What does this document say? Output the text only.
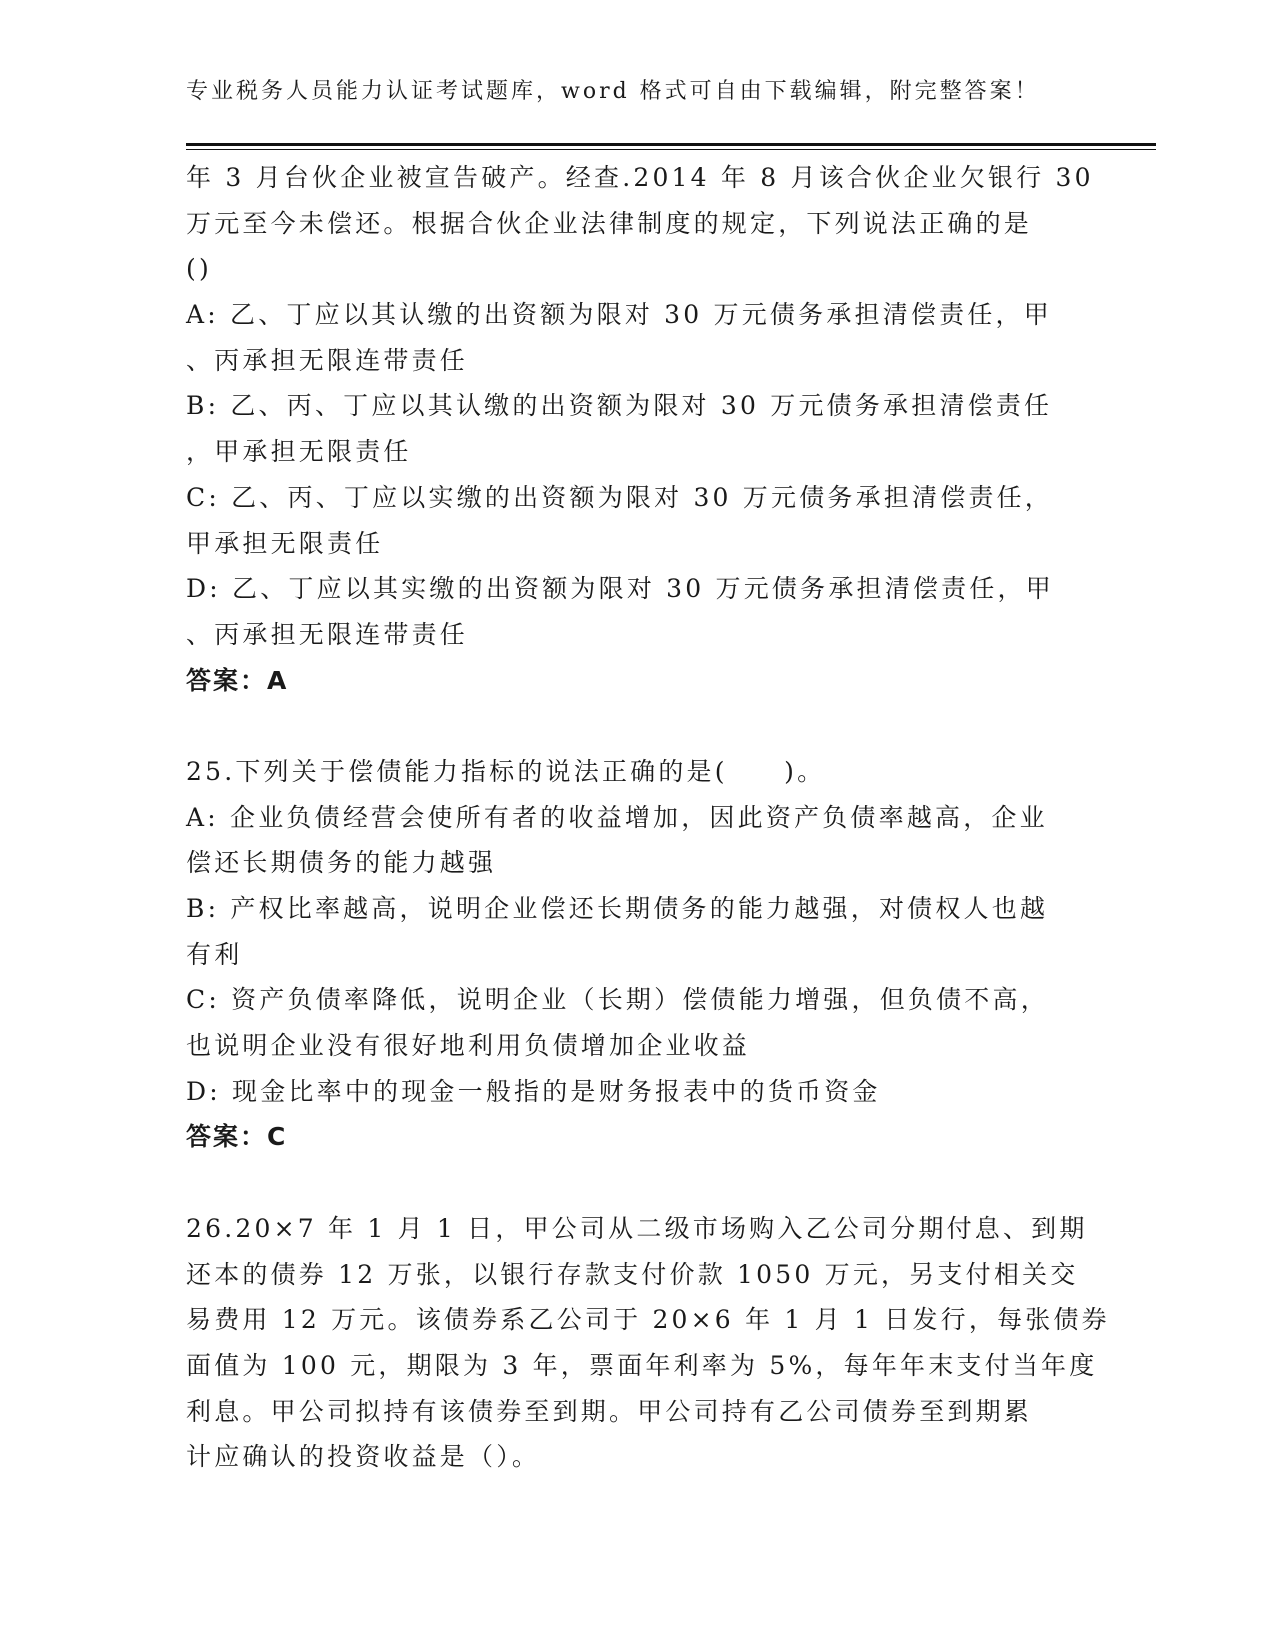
专业税务人员能力认证考试题库，word 格式可自由下载编辑，附完整答案！
年 3 月台伙企业被宣告破产。经查.2014 年 8 月该合伙企业欠银行 30
万元至今未偿还。根据合伙企业法律制度的规定，下列说法正确的是
()
A: 乙、丁应以其认缴的出资额为限对 30 万元债务承担清偿责任，甲
、丙承担无限连带责任
B: 乙、丙、丁应以其认缴的出资额为限对 30 万元债务承担清偿责任
，甲承担无限责任
C: 乙、丙、丁应以实缴的出资额为限对 30 万元债务承担清偿责任，
甲承担无限责任
D: 乙、丁应以其实缴的出资额为限对 30 万元债务承担清偿责任，甲
、丙承担无限连带责任
答案：A
25.下列关于偿债能力指标的说法正确的是(　　)。
A: 企业负债经营会使所有者的收益增加，因此资产负债率越高，企业
偿还长期债务的能力越强
B: 产权比率越高，说明企业偿还长期债务的能力越强，对债权人也越
有利
C: 资产负债率降低，说明企业（长期）偿债能力增强，但负债不高，
也说明企业没有很好地利用负债增加企业收益
D: 现金比率中的现金一般指的是财务报表中的货币资金
答案：C
26.20×7 年 1 月 1 日，甲公司从二级市场购入乙公司分期付息、到期
还本的债券 12 万张，以银行存款支付价款 1050 万元，另支付相关交
易费用 12 万元。该债券系乙公司于 20×6 年 1 月 1 日发行，每张债券
面值为 100 元，期限为 3 年，票面年利率为 5%，每年年末支付当年度
利息。甲公司拟持有该债券至到期。甲公司持有乙公司债券至到期累
计应确认的投资收益是（）。
